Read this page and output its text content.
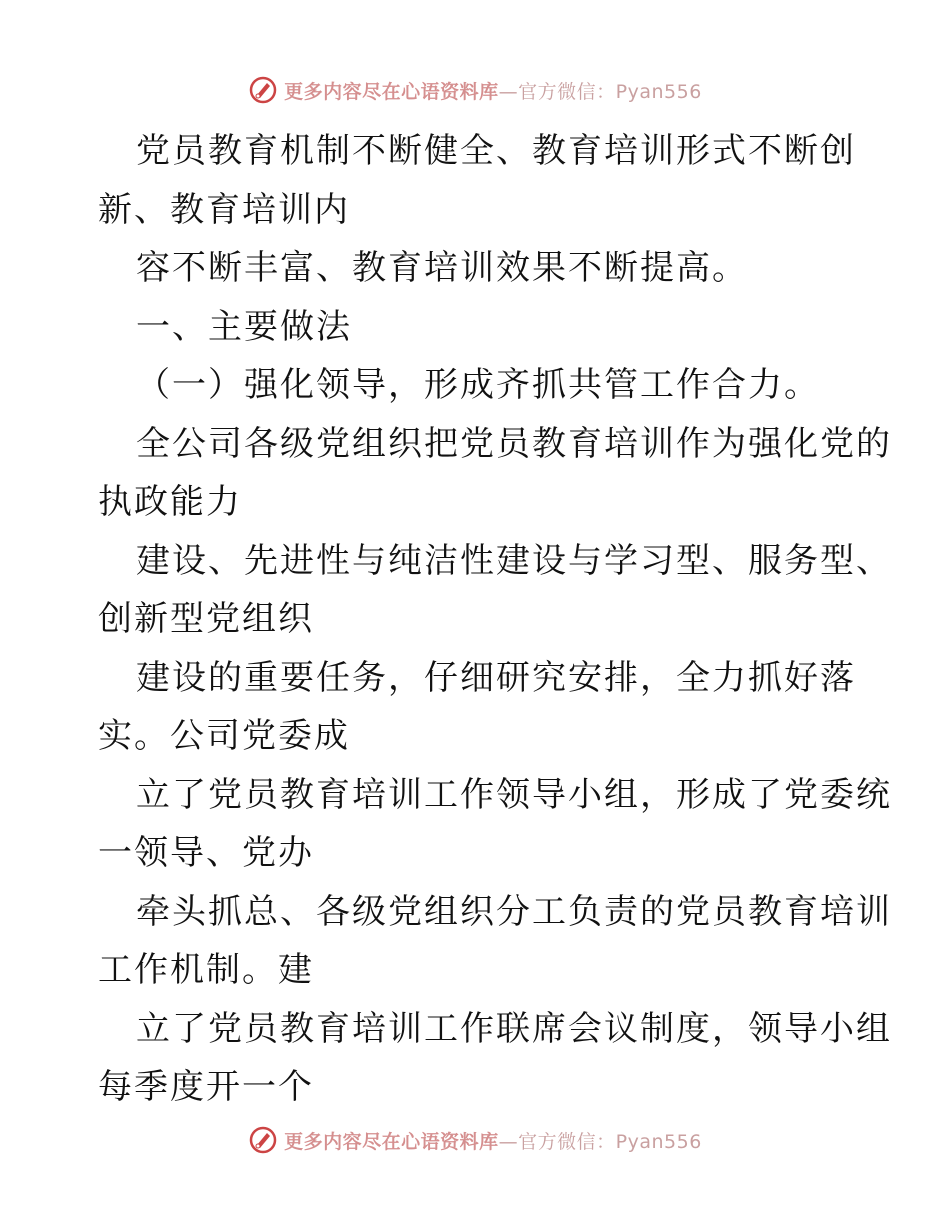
更多内容尽在心语资料库—官方微信：Pyan556
党员教育机制不断健全、教育培训形式不断创
新、教育培训内
容不断丰富、教育培训效果不断提高。
一、主要做法
（一）强化领导，形成齐抓共管工作合力。
全公司各级党组织把党员教育培训作为强化党的
执政能力
建设、先进性与纯洁性建设与学习型、服务型、
创新型党组织
建设的重要任务，仔细研究安排，全力抓好落
实。公司党委成
立了党员教育培训工作领导小组，形成了党委统
一领导、党办
牵头抓总、各级党组织分工负责的党员教育培训
工作机制。建
立了党员教育培训工作联席会议制度，领导小组
每季度开一个
更多内容尽在心语资料库—官方微信：Pyan556
